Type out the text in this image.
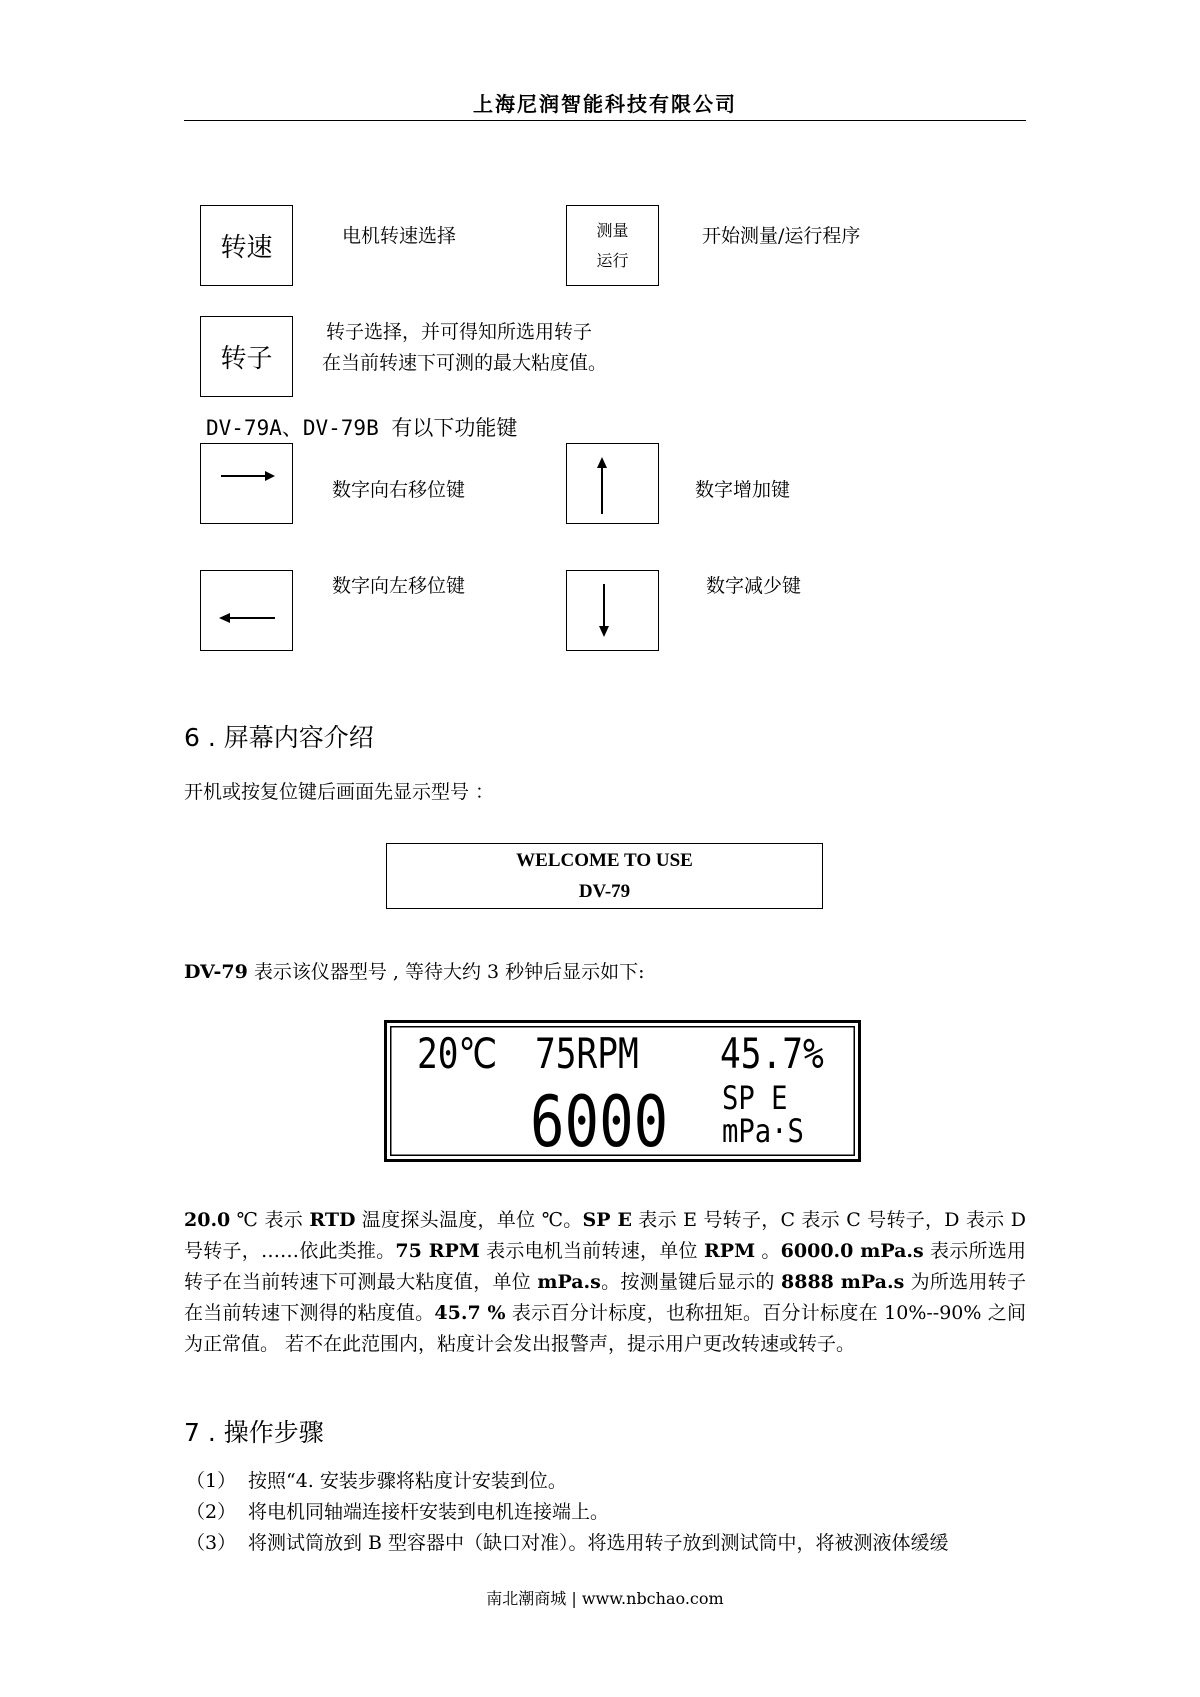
上海尼润智能科技有限公司
转速	电机转速选择	测量
运行
开始测量/运行程序
转子
转子选择，并可得知所选用转子
在当前转速下可测的最大粘度值。
DV-79A、DV-79B 有以下功能键
数字向右移位键	数字增加键
数字向左移位键	数字减少键
6 . 屏幕内容介绍
开机或按复位键后画面先显示型号 ：
WELCOME TO USE
DV-79
DV-79 表示该仪器型号 , 等待大约 3 秒钟后显示如下:
20℃ 75RPM 45.7%
6000 SP E
mPa·S
20.0 ℃ 表示 RTD 温度探头温度，单位 ℃。SP E 表示 E 号转子，C 表示 C 号转子，D 表示 D 号转子，……依此类推。75 RPM 表示电机当前转速，单位 RPM 。6000.0 mPa.s 表示所选用转子在当前转速下可测最大粘度值，单位 mPa.s。按测量键后显示的 8888 mPa.s 为所选用转子在当前转速下测得的粘度值。45.7 % 表示百分计标度，也称扭矩。百分计标度在 10%--90% 之间为正常值。 若不在此范围内，粘度计会发出报警声，提示用户更改转速或转子。
7 . 操作步骤
（1） 按照“4. 安装步骤将粘度计安装到位。
（2） 将电机同轴端连接杆安装到电机连接端上。
（3） 将测试筒放到 B 型容器中（缺口对准）。将选用转子放到测试筒中，将被测液体缓缓
南北潮商城 | www.nbchao.com
